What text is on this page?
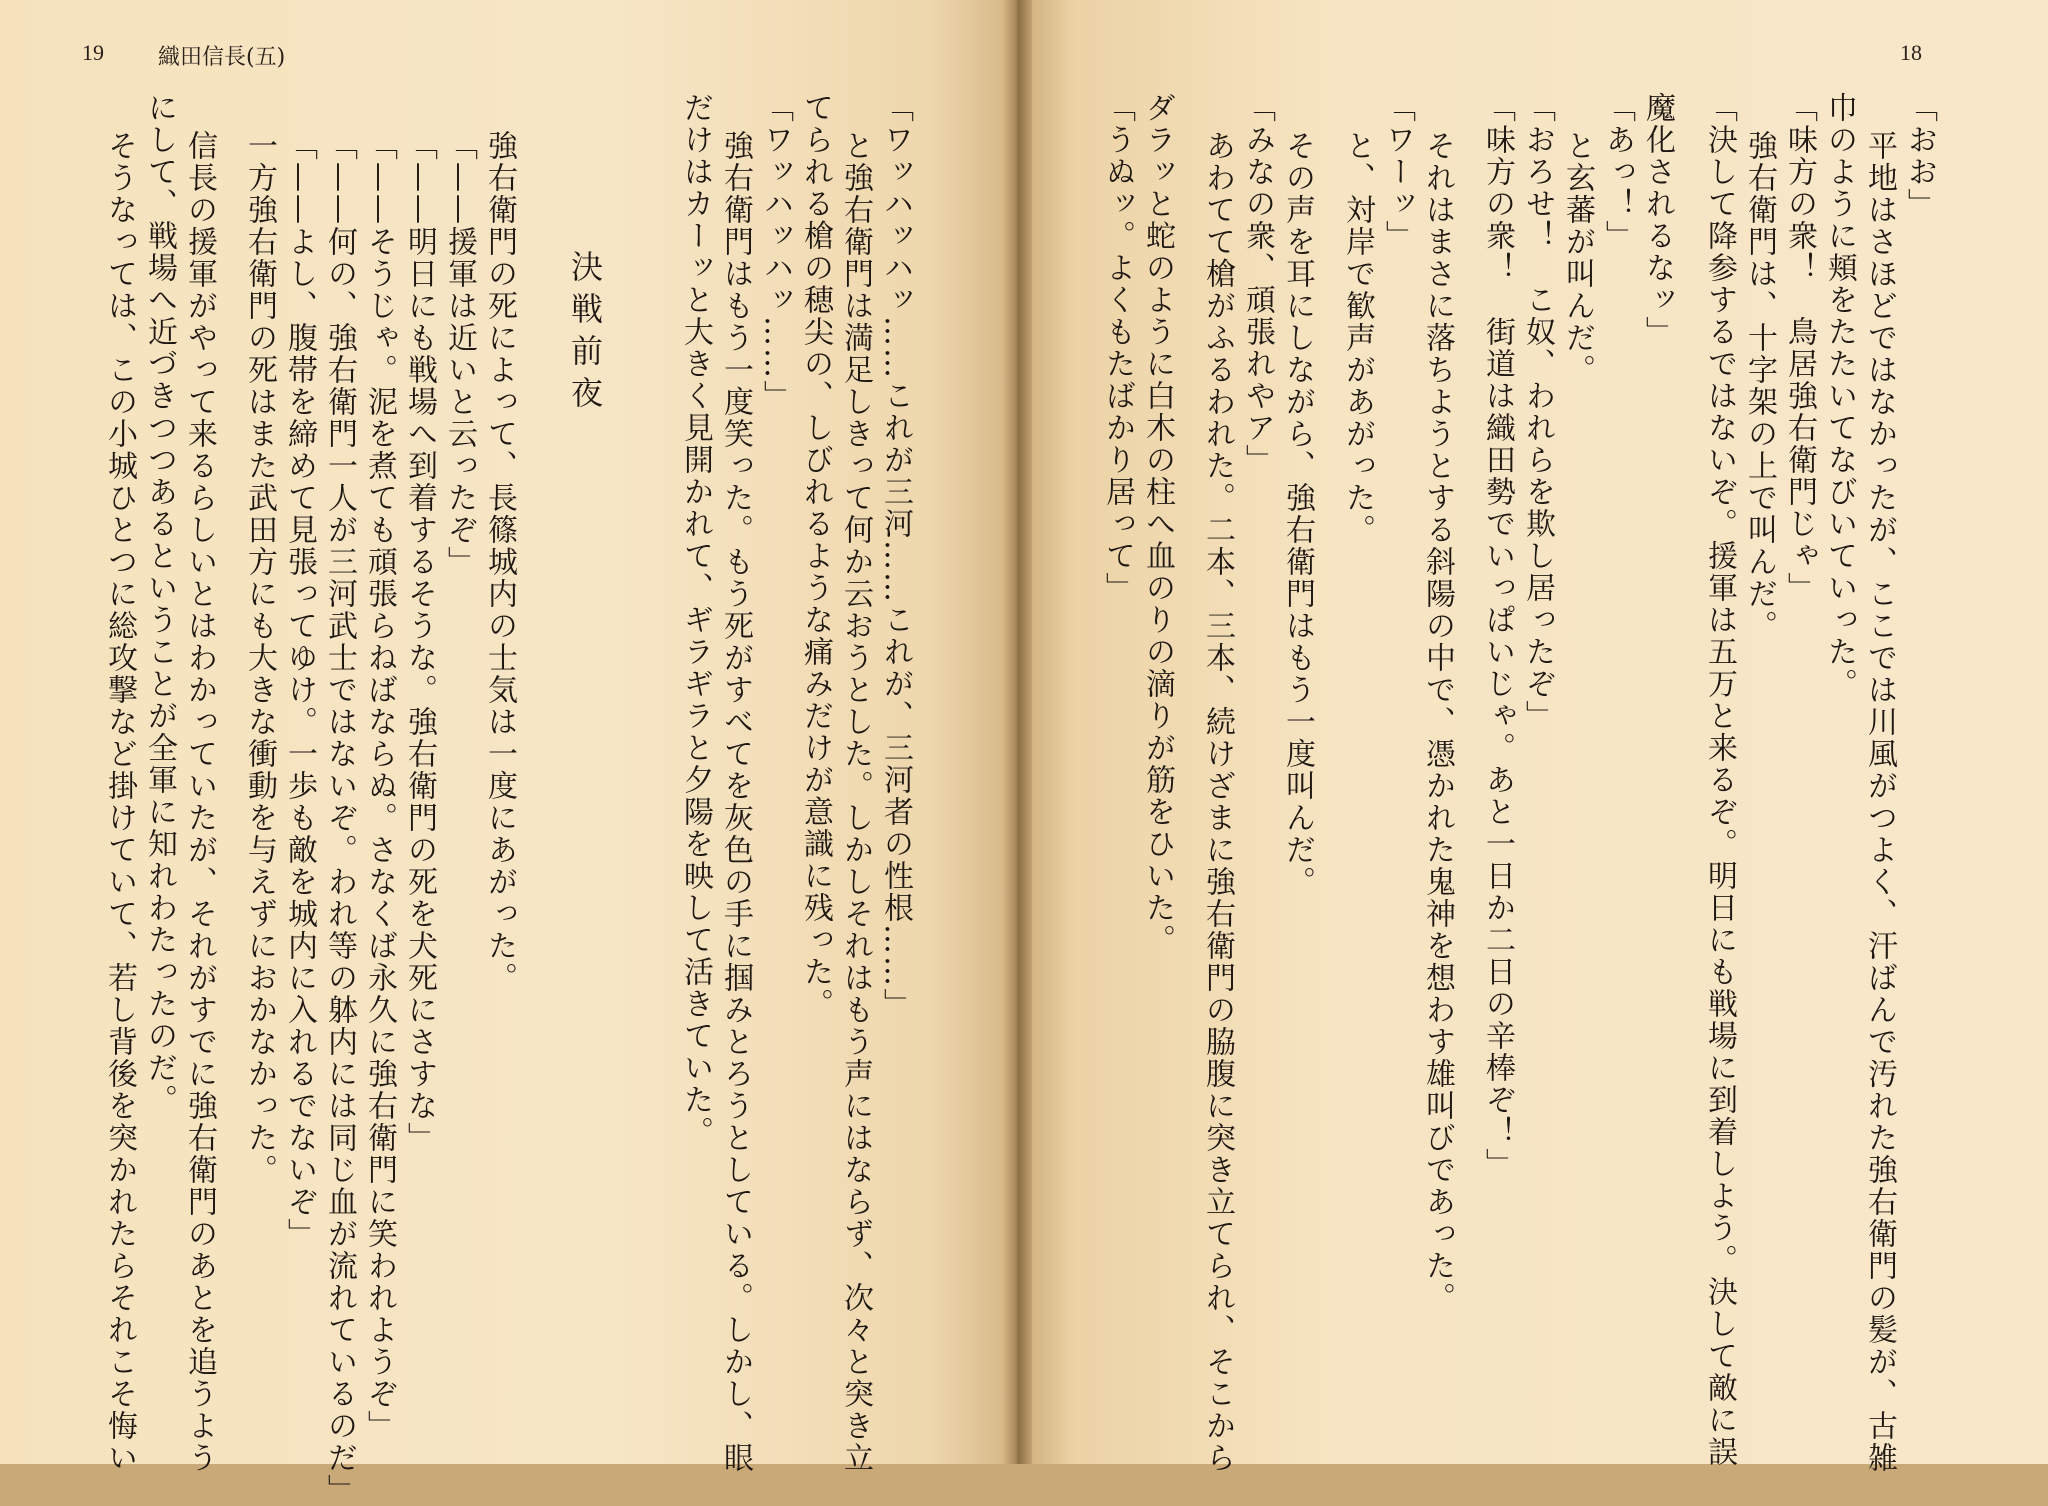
19 織田信長(五)	18
「おお」
平地はさほどではなかったが、ここでは川風がつよく、汗ばんで汚れた強右衛門の髪が、古雑
巾のように頬をたたいてなびいていった。
「味方の衆！　鳥居強右衛門じゃ」
強右衛門は、十字架の上で叫んだ。
「決して降参するではないぞ。援軍は五万と来るぞ。明日にも戦場に到着しよう。決して敵に誤
魔化されるなッ」
「あっ！」
と玄蕃が叫んだ。
「おろせ！　こ奴、われらを欺し居ったぞ」
「味方の衆！　街道は織田勢でいっぱいじゃ。あと一日か二日の辛棒ぞ！」
それはまさに落ちようとする斜陽の中で、憑かれた鬼神を想わす雄叫びであった。
「ワーッ」
と、対岸で歓声があがった。
その声を耳にしながら、強右衛門はもう一度叫んだ。
「みなの衆、頑張れやア」
あわてて槍がふるわれた。二本、三本、続けざまに強右衛門の脇腹に突き立てられ、そこから
ダラッと蛇のように白木の柱へ血のりの滴りが筋をひいた。
「うぬッ。よくもたばかり居って」
「ワッハッハッ……これが三河……これが、三河者の性根……」
と強右衛門は満足しきって何か云おうとした。しかしそれはもう声にはならず、次々と突き立
てられる槍の穂尖の、しびれるような痛みだけが意識に残った。
「ワッハッハッ……」
強右衛門はもう一度笑った。もう死がすべてを灰色の手に掴みとろうとしている。しかし、眼
だけはカーッと大きく見開かれて、ギラギラと夕陽を映して活きていた。
決戦前夜
強右衛門の死によって、長篠城内の士気は一度にあがった。
「——援軍は近いと云ったぞ」
「——明日にも戦場へ到着するそうな。強右衛門の死を犬死にさすな」
「——そうじゃ。泥を煮ても頑張らねばならぬ。さなくば永久に強右衛門に笑われようぞ」
「——何の、強右衛門一人が三河武士ではないぞ。われ等の躰内には同じ血が流れているのだ」
「——よし、腹帯を締めて見張ってゆけ。一歩も敵を城内に入れるでないぞ」
一方強右衛門の死はまた武田方にも大きな衝動を与えずにおかなかった。
信長の援軍がやって来るらしいとはわかっていたが、それがすでに強右衛門のあとを追うよう
にして、戦場へ近づきつつあるということが全軍に知れわたったのだ。
そうなっては、この小城ひとつに総攻撃など掛けていて、若し背後を突かれたらそれこそ悔い
